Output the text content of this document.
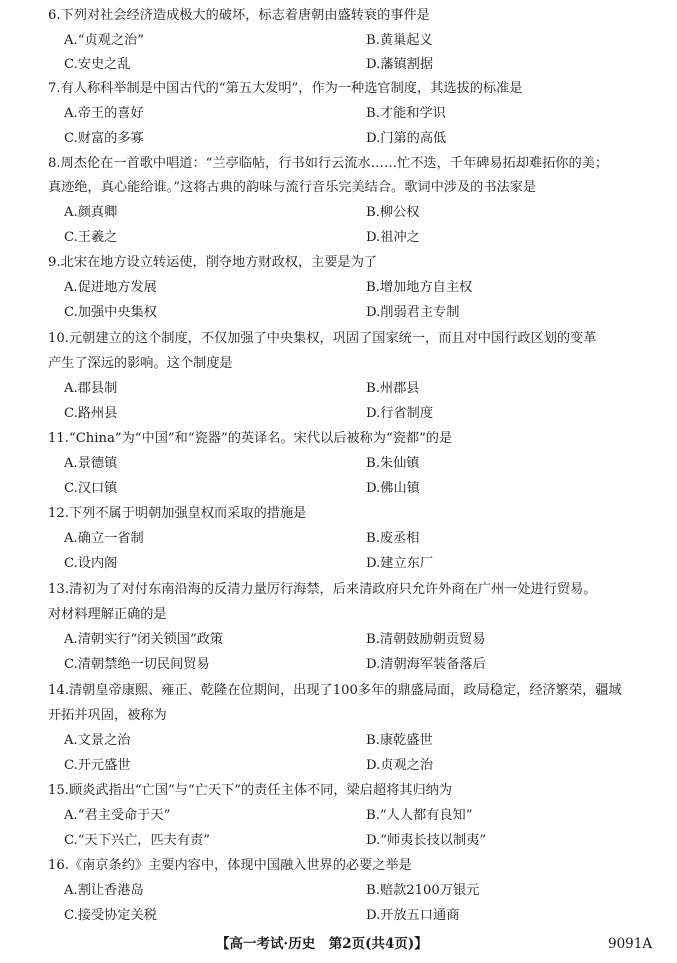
6.下列对社会经济造成极大的破坏，标志着唐朝由盛转衰的事件是
A.“贞观之治”	B.黄巢起义
C.安史之乱	D.藩镇割据
7.有人称科举制是中国古代的“第五大发明”，作为一种选官制度，其选拔的标准是
A.帝王的喜好	B.才能和学识
C.财富的多寡	D.门第的高低
8.周杰伦在一首歌中唱道：“兰亭临帖，行书如行云流水……忙不迭，千年碑易拓却难拓你的美；
真迹绝，真心能给谁。”这将古典的韵味与流行音乐完美结合。歌词中涉及的书法家是
A.颜真卿	B.柳公权
C.王羲之	D.祖冲之
9.北宋在地方设立转运使，削夺地方财政权，主要是为了
A.促进地方发展	B.增加地方自主权
C.加强中央集权	D.削弱君主专制
10.元朝建立的这个制度，不仅加强了中央集权，巩固了国家统一，而且对中国行政区划的变革
产生了深远的影响。这个制度是
A.郡县制	B.州郡县
C.路州县	D.行省制度
11.“China”为“中国”和“瓷器”的英译名。宋代以后被称为“瓷都”的是
A.景德镇	B.朱仙镇
C.汉口镇	D.佛山镇
12.下列不属于明朝加强皇权而采取的措施是
A.确立一省制	B.废丞相
C.设内阁	D.建立东厂
13.清初为了对付东南沿海的反清力量厉行海禁，后来清政府只允许外商在广州一处进行贸易。
对材料理解正确的是
A.清朝实行“闭关锁国”政策	B.清朝鼓励朝贡贸易
C.清朝禁绝一切民间贸易	D.清朝海军装备落后
14.清朝皇帝康熙、雍正、乾隆在位期间，出现了100多年的鼎盛局面，政局稳定，经济繁荣，疆域
开拓并巩固，被称为
A.文景之治	B.康乾盛世
C.开元盛世	D.贞观之治
15.顾炎武指出“亡国”与“亡天下”的责任主体不同，梁启超将其归纳为
A.“君主受命于天”	B.“人人都有良知”
C.“天下兴亡，匹夫有责”	D.“师夷长技以制夷”
16.《南京条约》主要内容中，体现中国融入世界的必要之举是
A.割让香港岛	B.赔款2100万银元
C.接受协定关税	D.开放五口通商
【高一考试·历史　第2页(共4页)】	9091A
